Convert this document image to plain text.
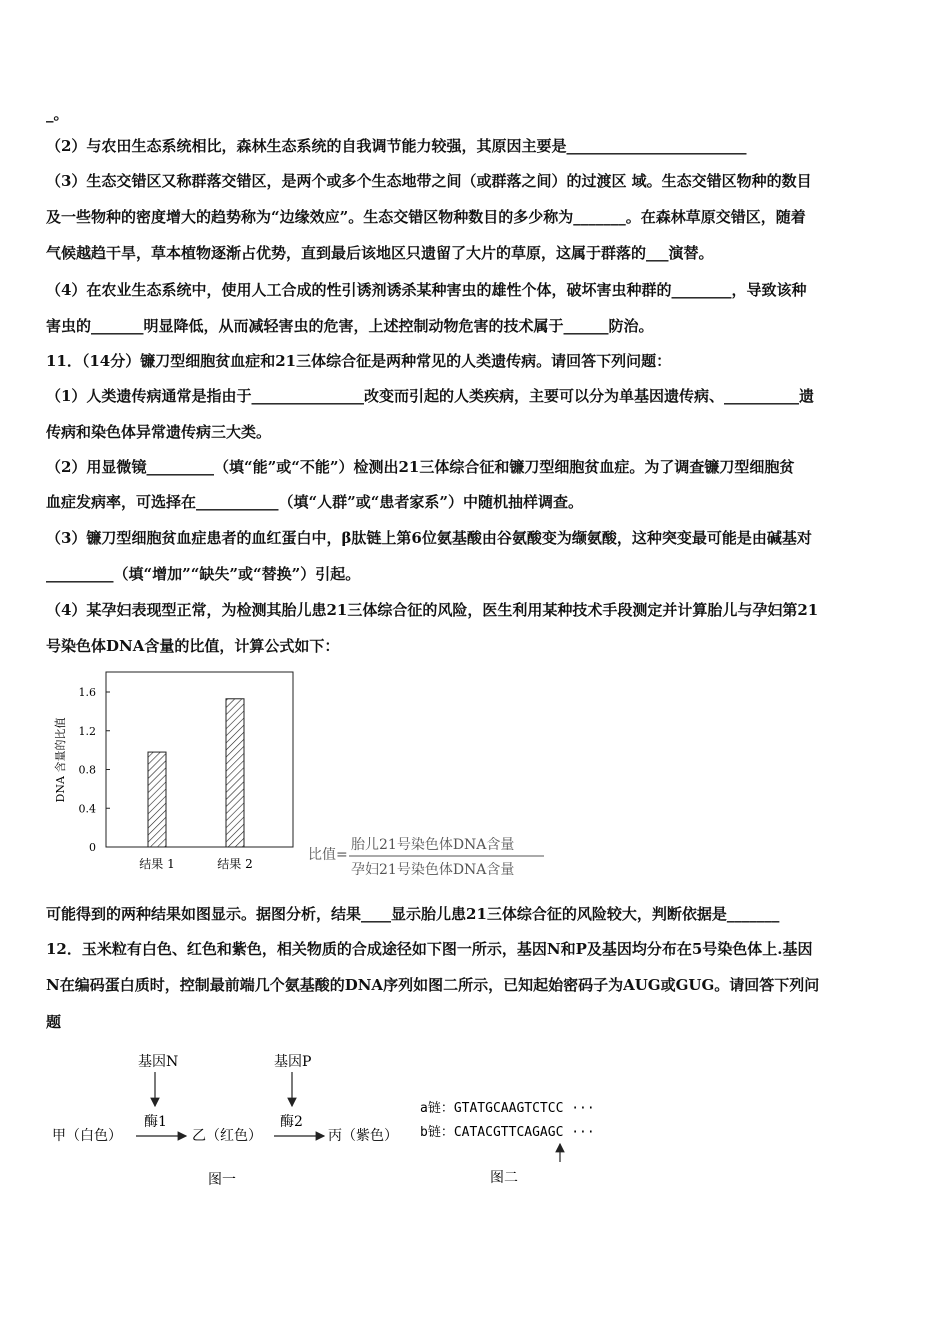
_。
（2）与农田生态系统相比，森林生态系统的自我调节能力较强，其原因主要是________________________
（3）生态交错区又称群落交错区，是两个或多个生态地带之间（或群落之间）的过渡区 域。生态交错区物种的数目
及一些物种的密度增大的趋势称为“边缘效应”。生态交错区物种数目的多少称为_______。在森林草原交错区，随着
气候越趋干旱，草本植物逐渐占优势，直到最后该地区只遗留了大片的草原，这属于群落的___演替。
（4）在农业生态系统中，使用人工合成的性引诱剂诱杀某种害虫的雄性个体，破坏害虫种群的________，导致该种
害虫的_______明显降低，从而减轻害虫的危害，上述控制动物危害的技术属于______防治。
11．（14分）镰刀型细胞贫血症和21三体综合征是两种常见的人类遗传病。请回答下列问题：
（1）人类遗传病通常是指由于_______________改变而引起的人类疾病，主要可以分为单基因遗传病、__________遗
传病和染色体异常遗传病三大类。
（2）用显微镜_________（填“能”或“不能”）检测出21三体综合征和镰刀型细胞贫血症。为了调查镰刀型细胞贫
血症发病率，可选择在___________（填“人群”或“患者家系”）中随机抽样调查。
（3）镰刀型细胞贫血症患者的血红蛋白中，β肽链上第6位氨基酸由谷氨酸变为缬氨酸，这种突变最可能是由碱基对
_________（填“增加”“缺失”或“替换”）引起。
（4）某孕妇表现型正常，为检测其胎儿患21三体综合征的风险，医生利用某种技术手段测定并计算胎儿与孕妇第21
号染色体DNA含量的比值，计算公式如下：
0
0.4
0.8
1.2
1.6
结果 1	结果 2
DNA 含量的比值
比值=
胎儿21号染色体DNA含量
孕妇21号染色体DNA含量
可能得到的两种结果如图显示。据图分析，结果____显示胎儿患21三体综合征的风险较大，判断依据是_______
12．玉米粒有白色、红色和紫色，相关物质的合成途径如下图一所示，基因N和P及基因均分布在5号染色体上.基因
N在编码蛋白质时，控制最前端几个氨基酸的DNA序列如图二所示，已知起始密码子为AUG或GUG。请回答下列问
题
基因N	基因P
酶1	酶2
甲（白色）	乙（红色）	丙（紫色）
图一
a链：GTATGCAAGTCTCC ···
b链：CATACGTTCAGAGC ···
图二
